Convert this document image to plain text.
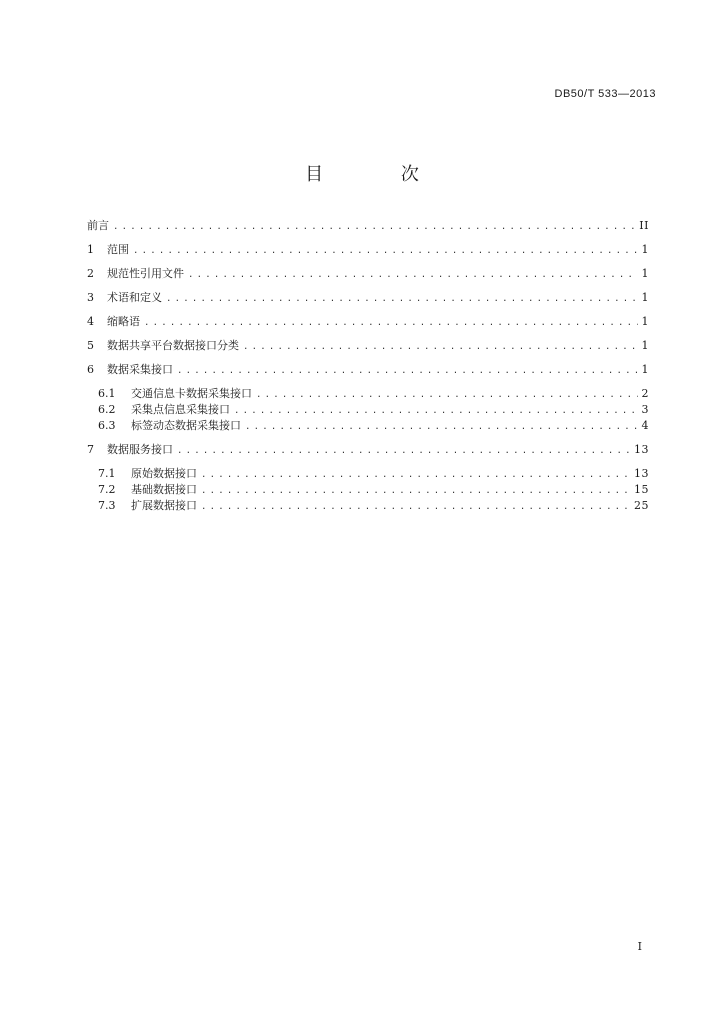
DB50/T 533—2013
目 次
前言 .....	II
1	范围 .....	1
2	规范性引用文件 .....	1
3	术语和定义 .....	1
4	缩略语 .....	1
5	数据共享平台数据接口分类 .....	1
6	数据采集接口 .....	1
6.1	交通信息卡数据采集接口 .....	2
6.2	采集点信息采集接口 .....	3
6.3	标签动态数据采集接口 .....	4
7	数据服务接口 .....	13
7.1	原始数据接口 .....	13
7.2	基础数据接口 .....	15
7.3	扩展数据接口 .....	25
I
